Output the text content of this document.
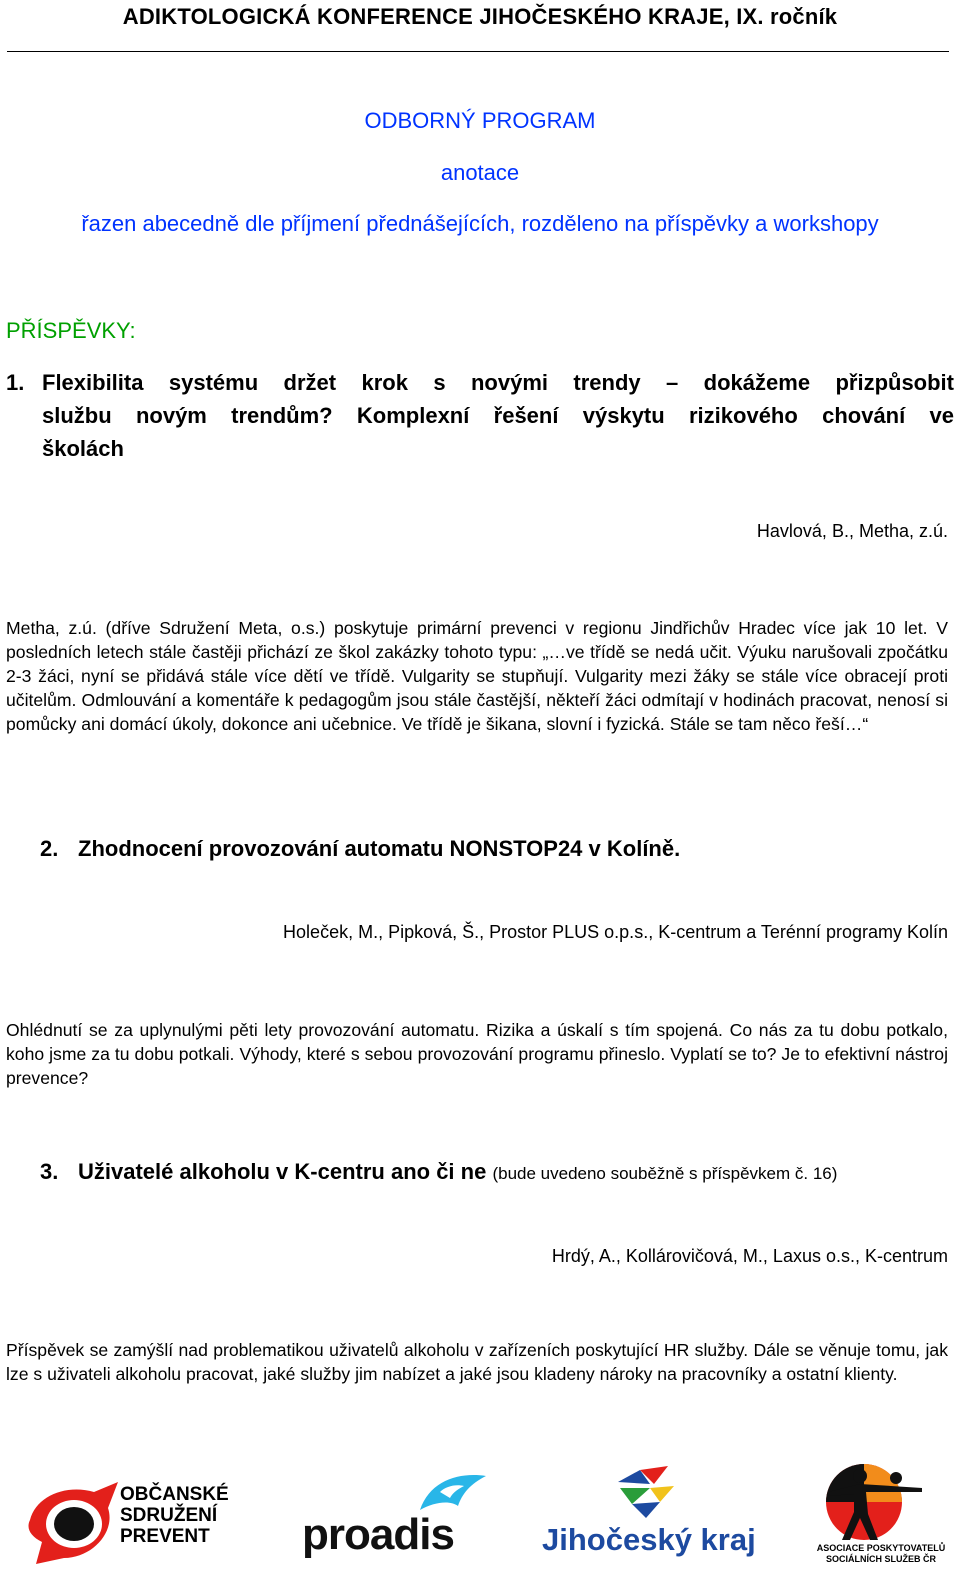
ADIKTOLOGICKÁ KONFERENCE JIHOČESKÉHO KRAJE, IX. ročník
ODBORNÝ PROGRAM
anotace
řazen abecedně dle příjmení přednášejících, rozděleno na příspěvky a workshopy
PŘÍSPĚVKY:
1. Flexibilita systému držet krok s novými trendy – dokážeme přizpůsobit
službu novým trendům? Komplexní řešení výskytu rizikového chování ve
školách
Havlová, B., Metha, z.ú.
Metha, z.ú. (dříve Sdružení Meta, o.s.) poskytuje primární prevenci v regionu Jindřichův Hradec více jak 10 let. V posledních letech stále častěji přichází ze škol zakázky tohoto typu: „…ve třídě se nedá učit. Výuku narušovali zpočátku 2-3 žáci, nyní se přidává stále více dětí ve třídě. Vulgarity se stupňují. Vulgarity mezi žáky se stále více obracejí proti učitelům. Odmlouvání a komentáře k pedagogům jsou stále častější, někteří žáci odmítají v hodinách pracovat, nenosí si pomůcky ani domácí úkoly, dokonce ani učebnice. Ve třídě je šikana, slovní i fyzická. Stále se tam něco řeší…“
2. Zhodnocení provozování automatu NONSTOP24 v Kolíně.
Holeček, M., Pipková, Š., Prostor PLUS o.p.s., K-centrum a Terénní programy Kolín
Ohlédnutí se za uplynulými pěti lety provozování automatu. Rizika a úskalí s tím spojená. Co nás za tu dobu potkalo, koho jsme za tu dobu potkali. Výhody, které s sebou provozování programu přineslo. Vyplatí se to? Je to efektivní nástroj prevence?
3. Uživatelé alkoholu v K-centru ano či ne (bude uvedeno souběžně s příspěvkem č. 16)
Hrdý, A., Kollárovičová, M., Laxus o.s., K-centrum
Příspěvek se zamýšlí nad problematikou uživatelů alkoholu v zařízeních poskytující HR služby. Dále se věnuje tomu, jak lze s uživateli alkoholu pracovat, jaké služby jim nabízet a jaké jsou kladeny nároky na pracovníky a ostatní klienty.
OBČANSKÉ
SDRUŽENÍ
PREVENT	proadis	Jihočeský kraj	ASOCIACE POSKYTOVATELŮ
SOCIÁLNÍCH SLUŽEB ČR
